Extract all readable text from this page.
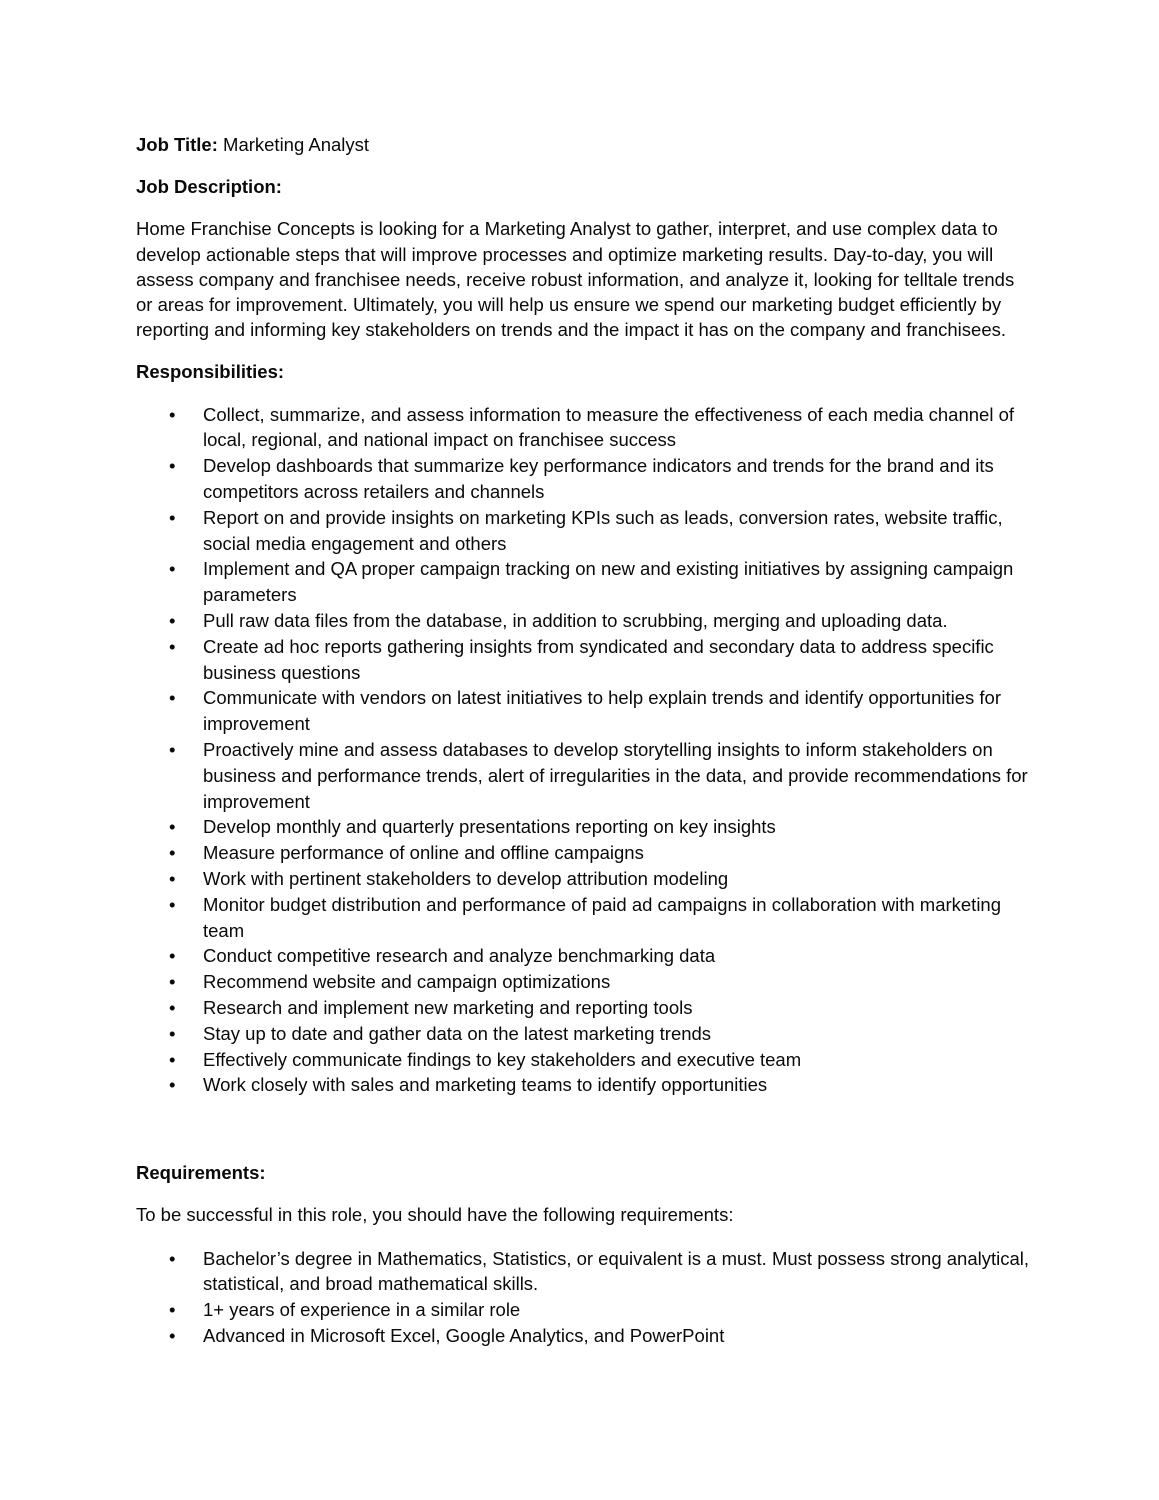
Job Title: Marketing Analyst

Job Description:

Home Franchise Concepts is looking for a Marketing Analyst to gather, interpret, and use complex data to develop actionable steps that will improve processes and optimize marketing results. Day-to-day, you will assess company and franchisee needs, receive robust information, and analyze it, looking for telltale trends or areas for improvement. Ultimately, you will help us ensure we spend our marketing budget efficiently by reporting and informing key stakeholders on trends and the impact it has on the company and franchisees.

Responsibilities:

• Collect, summarize, and assess information to measure the effectiveness of each media channel of local, regional, and national impact on franchisee success
• Develop dashboards that summarize key performance indicators and trends for the brand and its competitors across retailers and channels
• Report on and provide insights on marketing KPIs such as leads, conversion rates, website traffic, social media engagement and others
• Implement and QA proper campaign tracking on new and existing initiatives by assigning campaign parameters
• Pull raw data files from the database, in addition to scrubbing, merging and uploading data.
• Create ad hoc reports gathering insights from syndicated and secondary data to address specific business questions
• Communicate with vendors on latest initiatives to help explain trends and identify opportunities for improvement
• Proactively mine and assess databases to develop storytelling insights to inform stakeholders on business and performance trends, alert of irregularities in the data, and provide recommendations for improvement
• Develop monthly and quarterly presentations reporting on key insights
• Measure performance of online and offline campaigns
• Work with pertinent stakeholders to develop attribution modeling
• Monitor budget distribution and performance of paid ad campaigns in collaboration with marketing team
• Conduct competitive research and analyze benchmarking data
• Recommend website and campaign optimizations
• Research and implement new marketing and reporting tools
• Stay up to date and gather data on the latest marketing trends
• Effectively communicate findings to key stakeholders and executive team
• Work closely with sales and marketing teams to identify opportunities

Requirements:

To be successful in this role, you should have the following requirements:

• Bachelor’s degree in Mathematics, Statistics, or equivalent is a must. Must possess strong analytical, statistical, and broad mathematical skills.
• 1+ years of experience in a similar role
• Advanced in Microsoft Excel, Google Analytics, and PowerPoint
